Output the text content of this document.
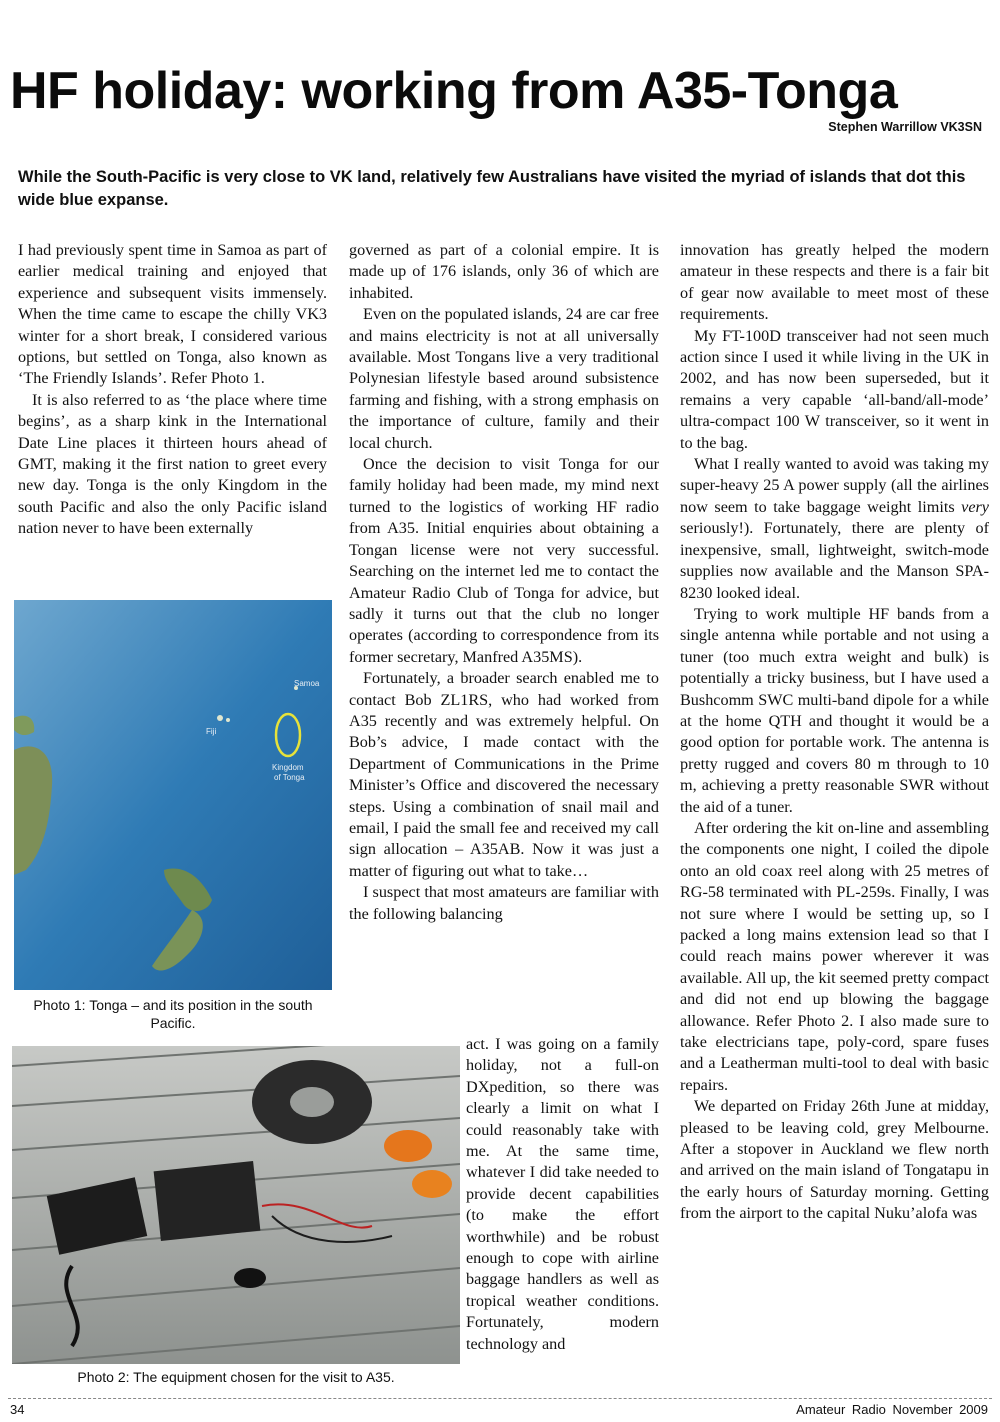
HF holiday: working from A35-Tonga
Stephen Warrillow VK3SN

While the South-Pacific is very close to VK land, relatively few Australians have visited the myriad of islands that dot this wide blue expanse.

I had previously spent time in Samoa as part of earlier medical training and enjoyed that experience and subsequent visits immensely. When the time came to escape the chilly VK3 winter for a short break, I considered various options, but settled on Tonga, also known as ‘The Friendly Islands’. Refer Photo 1.

It is also referred to as ‘the place where time begins’, as a sharp kink in the International Date Line places it thirteen hours ahead of GMT, making it the first nation to greet every new day. Tonga is the only Kingdom in the south Pacific and also the only Pacific island nation never to have been externally

Samoa
Fiji
Kingdom
of Tonga
Photo 1: Tonga – and its position in the south Pacific.

governed as part of a colonial empire. It is made up of 176 islands, only 36 of which are inhabited.

Even on the populated islands, 24 are car free and mains electricity is not at all universally available. Most Tongans live a very traditional Polynesian lifestyle based around subsistence farming and fishing, with a strong emphasis on the importance of culture, family and their local church.

Once the decision to visit Tonga for our family holiday had been made, my mind next turned to the logistics of working HF radio from A35. Initial enquiries about obtaining a Tongan license were not very successful. Searching on the internet led me to contact the Amateur Radio Club of Tonga for advice, but sadly it turns out that the club no longer operates (according to correspondence from its former secretary, Manfred A35MS).

Fortunately, a broader search enabled me to contact Bob ZL1RS, who had worked from A35 recently and was extremely helpful. On Bob’s advice, I made contact with the Department of Communications in the Prime Minister’s Office and discovered the necessary steps. Using a combination of snail mail and email, I paid the small fee and received my call sign allocation – A35AB. Now it was just a matter of figuring out what to take…

I suspect that most amateurs are familiar with the following balancing

act. I was going on a family holiday, not a full-on DXpedition, so there was clearly a limit on what I could reasonably take with me. At the same time, whatever I did take needed to provide decent capabilities (to make the effort worthwhile) and be robust enough to cope with airline baggage handlers as well as tropical weather conditions. Fortunately, modern technology and

Photo 2: The equipment chosen for the visit to A35.

innovation has greatly helped the modern amateur in these respects and there is a fair bit of gear now available to meet most of these requirements.

My FT-100D transceiver had not seen much action since I used it while living in the UK in 2002, and has now been superseded, but it remains a very capable ‘all-band/all-mode’ ultra-compact 100 W transceiver, so it went in to the bag.

What I really wanted to avoid was taking my super-heavy 25 A power supply (all the airlines now seem to take baggage weight limits very seriously!). Fortunately, there are plenty of inexpensive, small, lightweight, switch-mode supplies now available and the Manson SPA-8230 looked ideal.

Trying to work multiple HF bands from a single antenna while portable and not using a tuner (too much extra weight and bulk) is potentially a tricky business, but I have used a Bushcomm SWC multi-band dipole for a while at the home QTH and thought it would be a good option for portable work. The antenna is pretty rugged and covers 80 m through to 10 m, achieving a pretty reasonable SWR without the aid of a tuner.

After ordering the kit on-line and assembling the components one night, I coiled the dipole onto an old coax reel along with 25 metres of RG-58 terminated with PL-259s. Finally, I was not sure where I would be setting up, so I packed a long mains extension lead so that I could reach mains power wherever it was available. All up, the kit seemed pretty compact and did not end up blowing the baggage allowance. Refer Photo 2. I also made sure to take electricians tape, poly-cord, spare fuses and a Leatherman multi-tool to deal with basic repairs.

We departed on Friday 26th June at midday, pleased to be leaving cold, grey Melbourne. After a stopover in Auckland we flew north and arrived on the main island of Tongatapu in the early hours of Saturday morning. Getting from the airport to the capital Nuku’alofa was

34	Amateur Radio November 2009
